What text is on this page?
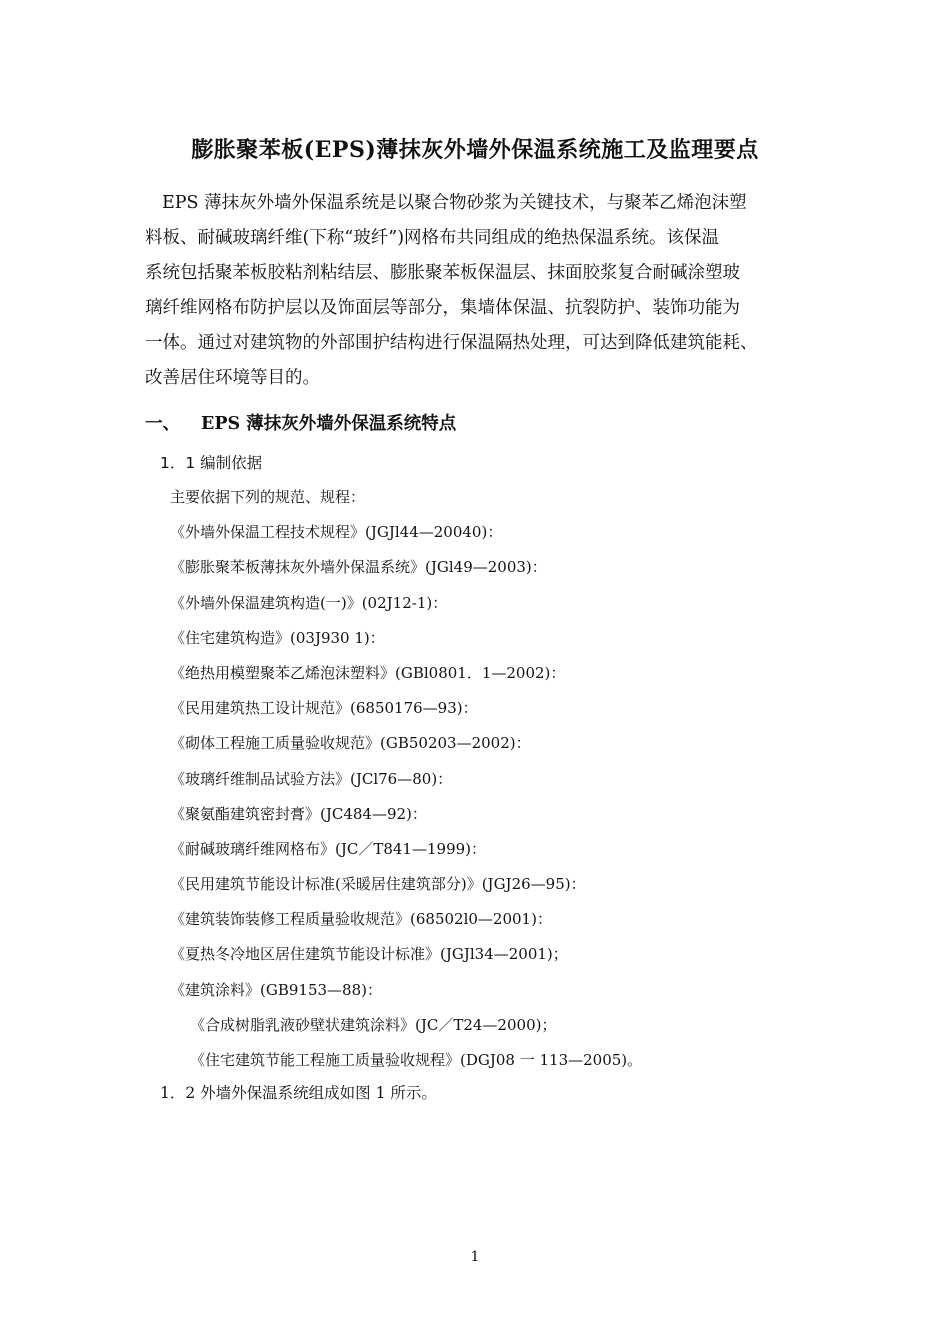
膨胀聚苯板(EPS)薄抹灰外墙外保温系统施工及监理要点
EPS 薄抹灰外墙外保温系统是以聚合物砂浆为关键技术，与聚苯乙烯泡沫塑
料板、耐碱玻璃纤维(下称“玻纤”)网格布共同组成的绝热保温系统。该保温
系统包括聚苯板胶粘剂粘结层、膨胀聚苯板保温层、抹面胶浆复合耐碱涂塑玻
璃纤维网格布防护层以及饰面层等部分，集墙体保温、抗裂防护、装饰功能为
一体。通过对建筑物的外部围护结构进行保温隔热处理，可达到降低建筑能耗、
改善居住环境等目的。
一、 EPS 薄抹灰外墙外保温系统特点
1．1 编制依据
主要依据下列的规范、规程：
《外墙外保温工程技术规程》(JGJl44—20040)：
《膨胀聚苯板薄抹灰外墙外保温系统》(JGl49—2003)：
《外墙外保温建筑构造(一)》(02J12-1)：
《住宅建筑构造》(03J930 1)：
《绝热用模塑聚苯乙烯泡沫塑料》(GBl0801．1—2002)：
《民用建筑热工设计规范》(6850176—93)：
《砌体工程施工质量验收规范》(GB50203—2002)：
《玻璃纤维制品试验方法》(JCl76—80)：
《聚氨酯建筑密封膏》(JC484—92)：
《耐碱玻璃纤维网格布》(JC／T841—1999)：
《民用建筑节能设计标准(采暖居住建筑部分)》(JGJ26—95)：
《建筑装饰装修工程质量验收规范》(68502l0—2001)：
《夏热冬冷地区居住建筑节能设计标准》(JGJl34—2001)；
《建筑涂料》(GB9153—88)：
《合成树脂乳液砂壁状建筑涂料》(JC／T24—2000)；
《住宅建筑节能工程施工质量验收规程》(DGJ08 一 113—2005)。
1．2 外墙外保温系统组成如图 1 所示。
1
